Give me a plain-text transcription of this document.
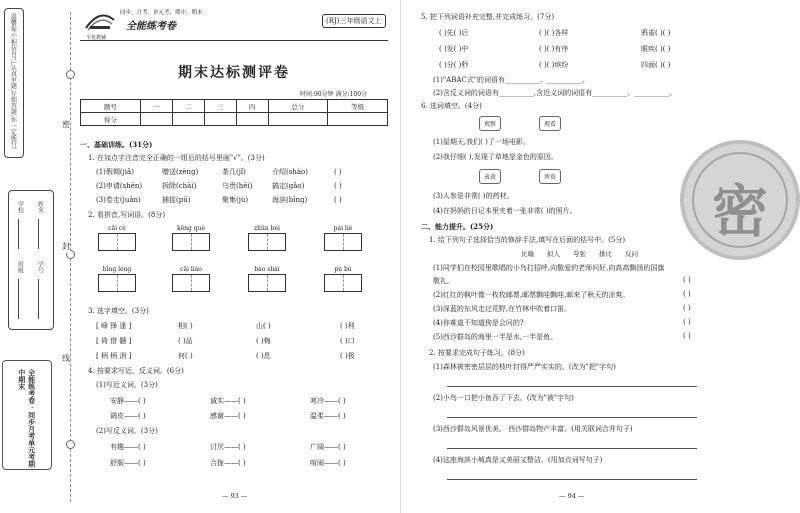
温馨提示:相信自己,认真审题,仔细答题,你一定能行!
学校
班级
姓名
学号
全能练考卷 · 同步月考单元考期中期末
密
封
线
同步、月考、单元考、期中、期末
全能练考卷
全优教辅
(RJ)三年级语文上
期末达标测评卷
时间:90分钟 满分:100分
题号	一	二	三	四	总分	等级
得分						
一、基础训练。(31分)
1. 在加点字注音完全正确的一组后的括号里画"√"。(3分)
(1)假期(jiǎ)	赠送(zèng)	茶几(jǐ)	介绍(shào)	( )
(2)申请(shēn)	拆除(chāi)	乌贵(hēi)	搞定(gǎo)	( )
(3)卷走(juǎn)	捕捉(pū)	聚集(jù)	海滨(bīng)	( )
2. 看拼音,写词语。(8分)
cāi cè	kōng què	zhǔn bèi	pái liè
bīng léng	cāi liào	bào shài	pù bù
3. 选字填空。(3分)
[ 峰 锋 逢 ]	相( )	山( )	( )利
[ 倚 借 髓 ]	( )品	( )梅	( )口
[ 柄 柄 消 ]	何( )	( )息	( )极
4. 按要求写近、反义词。(6分)
(1)写近义词。(3分)
安静——( )	诚实——( )	寒冷——( )
调皮——( )	感谢——( )	温柔——( )
(2)写反义词。(3分)
有趣——( )	讨厌——( )	广阔——( )
舒服——( )	合拢——( )	喧闹——( )
— 93 —
5. 把下列词语补充完整,并完成练习。(7分)
( )先( )后	( )( )各样	鸦雀( )( )
( )发( )中	( )( )有序	眼疾( )( )
( )分( )秒	( )( )缤纷	四面( )( )
(1)"ABAC式"的词语有__________、__________。
(2)含反义词的词语有__________,含近义词的词语有__________、__________。
6. 选词填空。(4分)
观察	观看
(1)星期天,我们( )了一场电影。
(2)我仔细( ),发现了草地是金色的原因。
表黄	珍贵
(3)人参是非常( )的药材。
(4)在妈妈的日记本里夹着一张非常( )的照片。
二、能力提升。(25分)
1. 给下列句子选择恰当的修辞手法,填写在后面的括号中。(5分)
比喻 拟人 夸张 排比 反问
(1)同学们在校园里歌唱的小鸟打招呼,向敬爱的老师问好,向高高飘扬的国旗
敬礼。	( )
(2)红红的枫叶像一枚枚邮票,邮票飘哇飘哇,邮来了秋天的凉爽。	( )
(3)深蓝的东风走过荒野,在竹林中吹着口笛。	( )
(4)你难道不知道狗是会问的?	( )
(5)西沙群岛的海里一半是水,一半是鱼。	( )
2. 按要求完成句子练习。(8分)
(1)森林被密密层层的枝叶封得严严实实的。(改为"把"字句)
(2)小鸟一口把小鱼吞了下去。(改为"被"字句)
(3)西沙群岛风景优美。 西沙群岛物产丰富。(用关联词合并句子)
(4)这座海滨小城真是又美丽又整洁。(用加点词写句子)
— 94 —
密
